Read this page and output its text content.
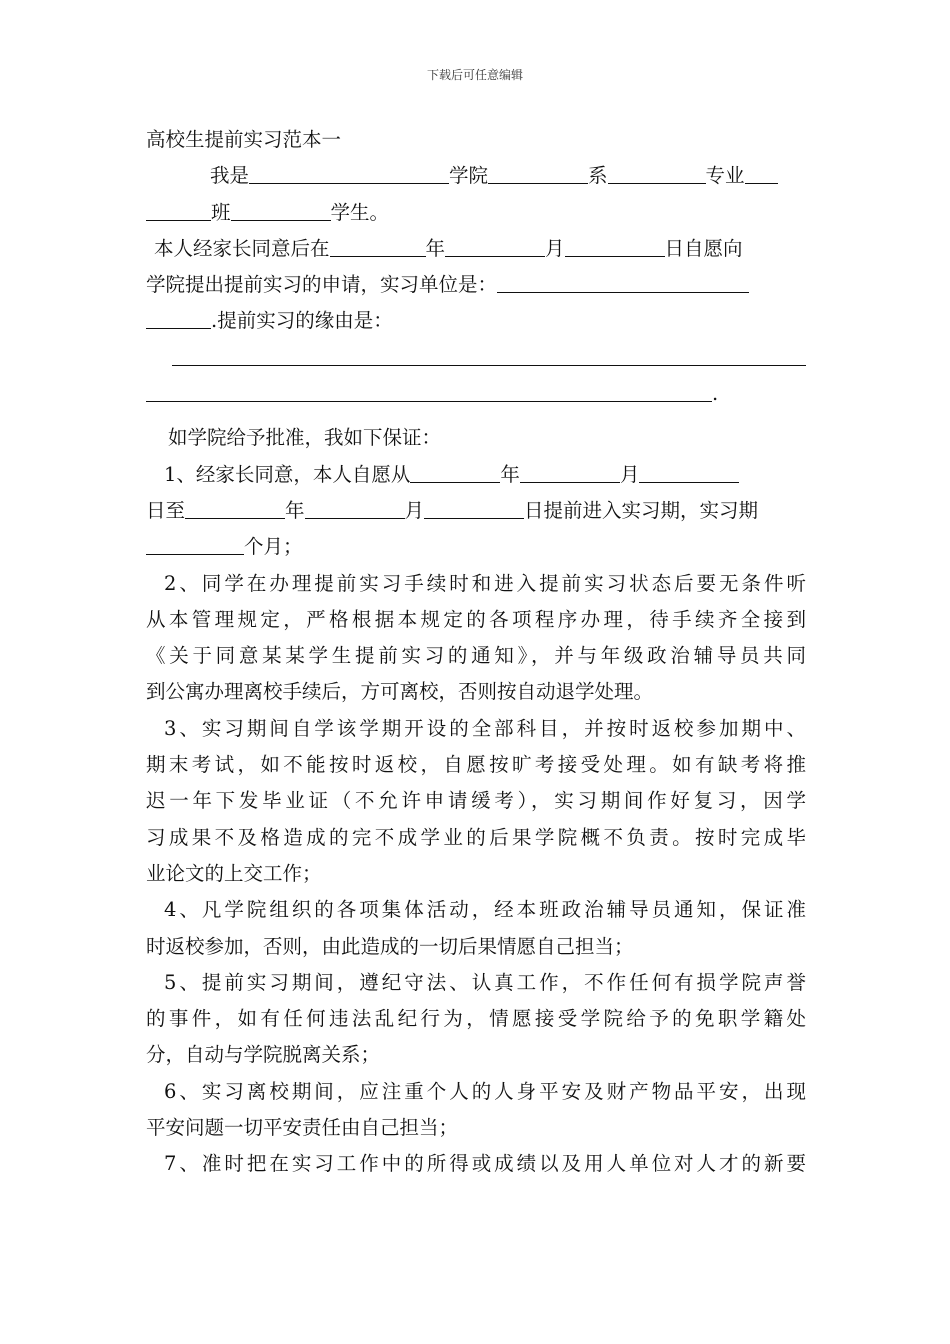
下载后可任意编辑
高校生提前实习范本一
我是	学院	系	专业
班	学生。
本人经家长同意后在	年	月	日自愿向
学院提出提前实习的申请，实习单位是：
.提前实习的缘由是：
.
如学院给予批准，我如下保证：
1、经家长同意，本人自愿从	年	月
日至	年	月	日提前进入实习期，实习期
个月；
2、同学在办理提前实习手续时和进入提前实习状态后要无条件听
从本管理规定，严格根据本规定的各项程序办理，待手续齐全接到
《关于同意某某学生提前实习的通知》，并与年级政治辅导员共同
到公寓办理离校手续后，方可离校，否则按自动退学处理。
3、实习期间自学该学期开设的全部科目，并按时返校参加期中、
期末考试，如不能按时返校，自愿按旷考接受处理。如有缺考将推
迟一年下发毕业证（不允许申请缓考），实习期间作好复习，因学
习成果不及格造成的完不成学业的后果学院概不负责。按时完成毕
业论文的上交工作；
4、凡学院组织的各项集体活动，经本班政治辅导员通知，保证准
时返校参加，否则，由此造成的一切后果情愿自己担当；
5、提前实习期间，遵纪守法、认真工作，不作任何有损学院声誉
的事件，如有任何违法乱纪行为，情愿接受学院给予的免职学籍处
分，自动与学院脱离关系；
6、实习离校期间，应注重个人的人身平安及财产物品平安，出现
平安问题一切平安责任由自己担当；
7、准时把在实习工作中的所得或成绩以及用人单位对人才的新要
